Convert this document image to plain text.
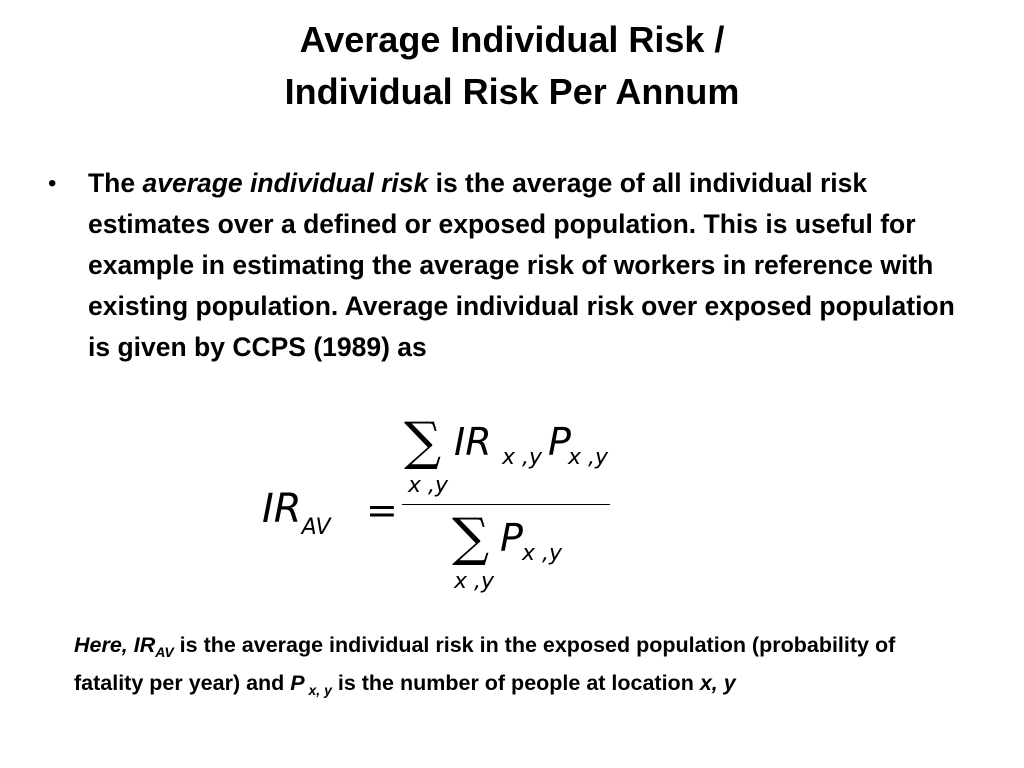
Average Individual Risk /
Individual Risk Per Annum
• The average individual risk is the average of all individual risk estimates over a defined or exposed population. This is useful for example in estimating the average risk of workers in reference with existing population. Average individual risk over exposed population is given by CCPS (1989) as
$IR_{AV}$ =
∑ IR x ,y P
x ,y
x ,y
∑ P x ,y
x ,y
Here, $IR_{AV}$ is the average individual risk in the exposed population (probability of fatality per year) and P $_{x, y}$ is the number of people at location x, y
